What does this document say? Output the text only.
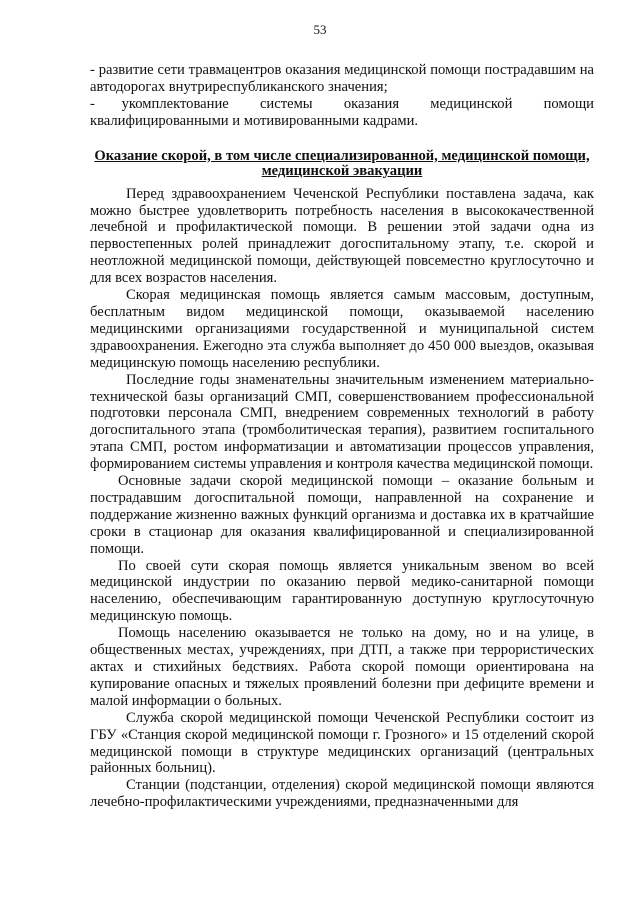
53

- развитие сети травмацентров оказания медицинской помощи пострадавшим на автодорогах внутриреспубликанского значения;

-      укомплектование       системы       оказания       медицинской       помощи квалифицированными и мотивированными кадрами.

Оказание скорой, в том числе специализированной, медицинской помощи, медицинской эвакуации

Перед здравоохранением Чеченской Республики поставлена задача, как можно быстрее удовлетворить потребность населения в высококачественной лечебной и профилактической помощи. В решении этой задачи одна из первостепенных ролей принадлежит догоспитальному этапу, т.е. скорой и неотложной медицинской помощи, действующей повсеместно круглосуточно и для всех возрастов населения.

Скорая медицинская помощь является самым массовым, доступным, бесплатным видом медицинской помощи, оказываемой населению медицинскими организациями государственной и муниципальной систем здравоохранения. Ежегодно эта служба выполняет до 450 000 выездов, оказывая медицинскую помощь населению республики.

Последние годы знаменательны значительным изменением материально-технической базы организаций СМП, совершенствованием профессиональной подготовки персонала СМП, внедрением современных технологий в работу догоспитального этапа (тромболитическая терапия), развитием госпитального этапа СМП, ростом информатизации и автоматизации процессов управления, формированием системы управления и контроля качества медицинской помощи.

Основные задачи скорой медицинской помощи – оказание больным и пострадавшим догоспитальной помощи, направленной на сохранение и поддержание жизненно важных функций организма и доставка их в кратчайшие сроки в стационар для оказания квалифицированной и специализированной помощи.

По своей сути скорая помощь является уникальным звеном во всей медицинской индустрии по оказанию первой медико-санитарной помощи населению, обеспечивающим гарантированную доступную круглосуточную медицинскую помощь.

Помощь населению оказывается не только на дому, но и на улице, в общественных местах, учреждениях, при ДТП, а также при террористических актах и стихийных бедствиях. Работа скорой помощи ориентирована на купирование опасных и тяжелых проявлений болезни при дефиците времени и малой информации о больных.

Служба скорой медицинской помощи Чеченской Республики состоит из ГБУ «Станция скорой медицинской помощи г. Грозного» и 15 отделений скорой медицинской помощи в структуре медицинских организаций (центральных районных больниц).

Станции (подстанции, отделения) скорой медицинской помощи являются лечебно-профилактическими учреждениями, предназначенными для
